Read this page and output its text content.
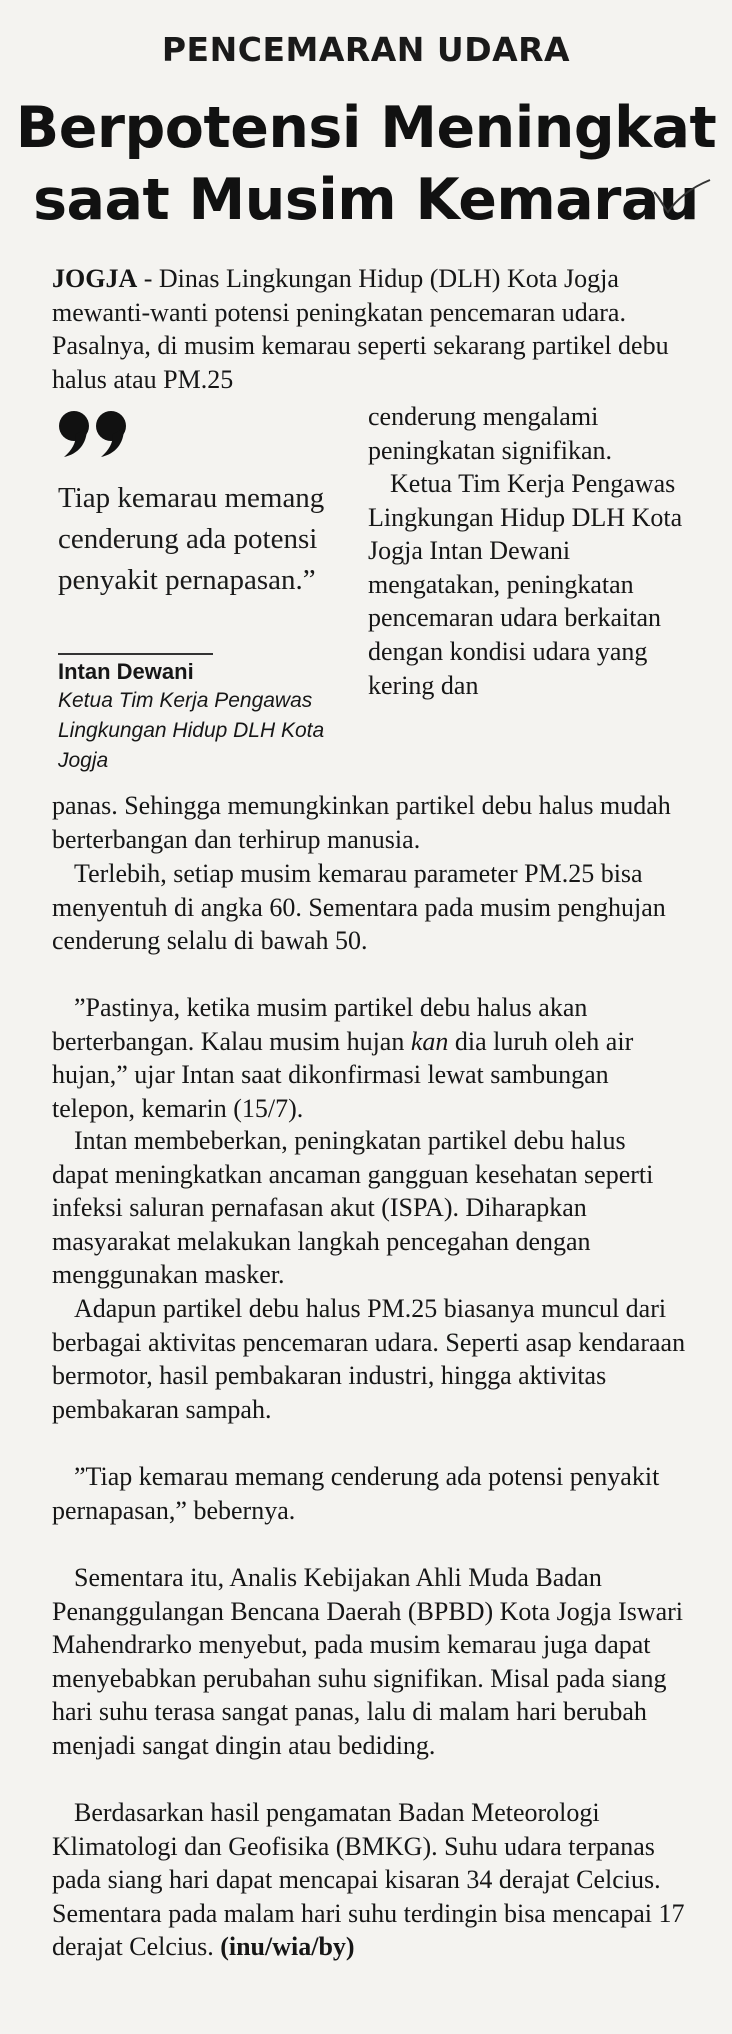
PENCEMARAN UDARA
Berpotensi Meningkat
saat Musim Kemarau

JOGJA - Dinas Lingkungan Hidup (DLH) Kota Jogja mewanti-wanti potensi peningkatan pencemaran udara. Pasalnya, di musim kemarau seperti sekarang partikel debu halus atau PM.25

Tiap kemarau memang cenderung ada potensi penyakit pernapasan.”

Intan Dewani

Ketua Tim Kerja Pengawas Lingkungan Hidup DLH Kota Jogja

cenderung mengalami peningkatan signifikan.

Ketua Tim Kerja Pengawas Lingkungan Hidup DLH Kota Jogja Intan Dewani mengatakan, peningkatan pencemaran udara berkaitan dengan kondisi udara yang kering dan

panas. Sehingga memungkinkan partikel debu halus mudah berterbangan dan terhirup manusia.

Terlebih, setiap musim kemarau parameter PM.25 bisa menyentuh di angka 60. Sementara pada musim penghujan cenderung selalu di bawah 50.

”Pastinya, ketika musim partikel debu halus akan berterbangan. Kalau musim hujan kan dia luruh oleh air hujan,” ujar Intan saat dikonfirmasi lewat sambungan telepon, kemarin (15/7).

Intan membeberkan, peningkatan partikel debu halus dapat meningkatkan ancaman gangguan kesehatan seperti infeksi saluran pernafasan akut (ISPA). Diharapkan masyarakat melakukan langkah pencegahan dengan menggunakan masker.

Adapun partikel debu halus PM.25 biasanya muncul dari berbagai aktivitas pencemaran udara. Seperti asap kendaraan bermotor, hasil pembakaran industri, hingga aktivitas pembakaran sampah.

”Tiap kemarau memang cenderung ada potensi penyakit pernapasan,” bebernya.

Sementara itu, Analis Kebijakan Ahli Muda Badan Penanggulangan Bencana Daerah (BPBD) Kota Jogja Iswari Mahendrarko menyebut, pada musim kemarau juga dapat menyebabkan perubahan suhu signifikan. Misal pada siang hari suhu terasa sangat panas, lalu di malam hari berubah menjadi sangat dingin atau bediding.

Berdasarkan hasil pengamatan Badan Meteorologi Klimatologi dan Geofisika (BMKG). Suhu udara terpanas pada siang hari dapat mencapai kisaran 34 derajat Celcius. Sementara pada malam hari suhu terdingin bisa mencapai 17 derajat Celcius. (inu/wia/by)
